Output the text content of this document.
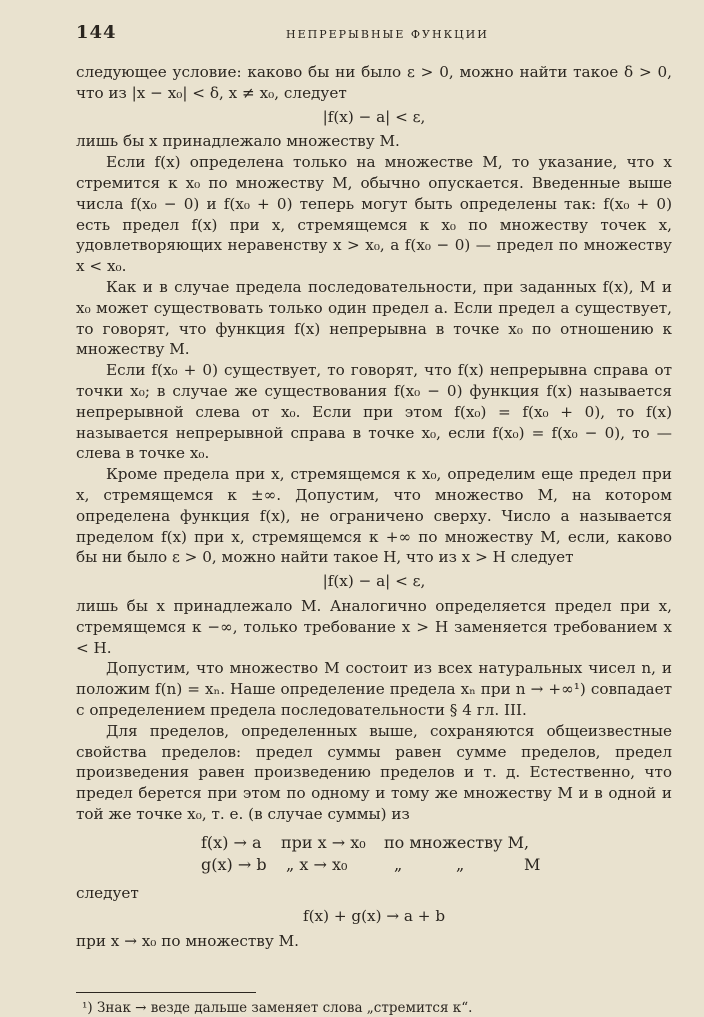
144	НЕПРЕРЫВНЫЕ ФУНКЦИИ

следующее условие: каково бы ни было ε > 0, можно найти такое δ > 0, что из |x − x₀| < δ, x ≠ x₀, следует

|f(x) − a| < ε,

лишь бы x принадлежало множеству M.

Если f(x) определена только на множестве M, то указание, что x стремится к x₀ по множеству M, обычно опускается. Введенные выше числа f(x₀ − 0) и f(x₀ + 0) теперь могут быть определены так: f(x₀ + 0) есть предел f(x) при x, стремящемся к x₀ по множеству точек x, удовлетворяющих неравенству x > x₀, а f(x₀ − 0) — предел по множеству x < x₀.

Как и в случае предела последовательности, при заданных f(x), M и x₀ может существовать только один предел a. Если предел a существует, то говорят, что функция f(x) непрерывна в точке x₀ по отношению к множеству M.

Если f(x₀ + 0) существует, то говорят, что f(x) непрерывна справа от точки x₀; в случае же существования f(x₀ − 0) функция f(x) называется непрерывной слева от x₀. Если при этом f(x₀) = f(x₀ + 0), то f(x) называется непрерывной справа в точке x₀, если f(x₀) = f(x₀ − 0), то — слева в точке x₀.

Кроме предела при x, стремящемся к x₀, определим еще предел при x, стремящемся к ±∞. Допустим, что множество M, на котором определена функция f(x), не ограничено сверху. Число a называется пределом f(x) при x, стремящемся к +∞ по множеству M, если, каково бы ни было ε > 0, можно найти такое H, что из x > H следует

|f(x) − a| < ε,

лишь бы x принадлежало M. Аналогично определяется предел при x, стремящемся к −∞, только требование x > H заменяется требованием x < H.

Допустим, что множество M состоит из всех натуральных чисел n, и положим f(n) = xₙ. Наше определение предела xₙ при n → +∞¹) совпадает с определением предела последовательности § 4 гл. III.

Для пределов, определенных выше, сохраняются общеизвестные свойства пределов: предел суммы равен сумме пределов, предел произведения равен произведению пределов и т. д. Естественно, что предел берется при этом по одному и тому же множеству M и в одной и той же точке x₀, т. е. (в случае суммы) из

f(x) → a при x → x₀ по множеству M,
g(x) → b „ x → x₀	„	„	M

следует

f(x) + g(x) → a + b

при x → x₀ по множеству M.

¹) Знак → везде дальше заменяет слова „стремится к“.
